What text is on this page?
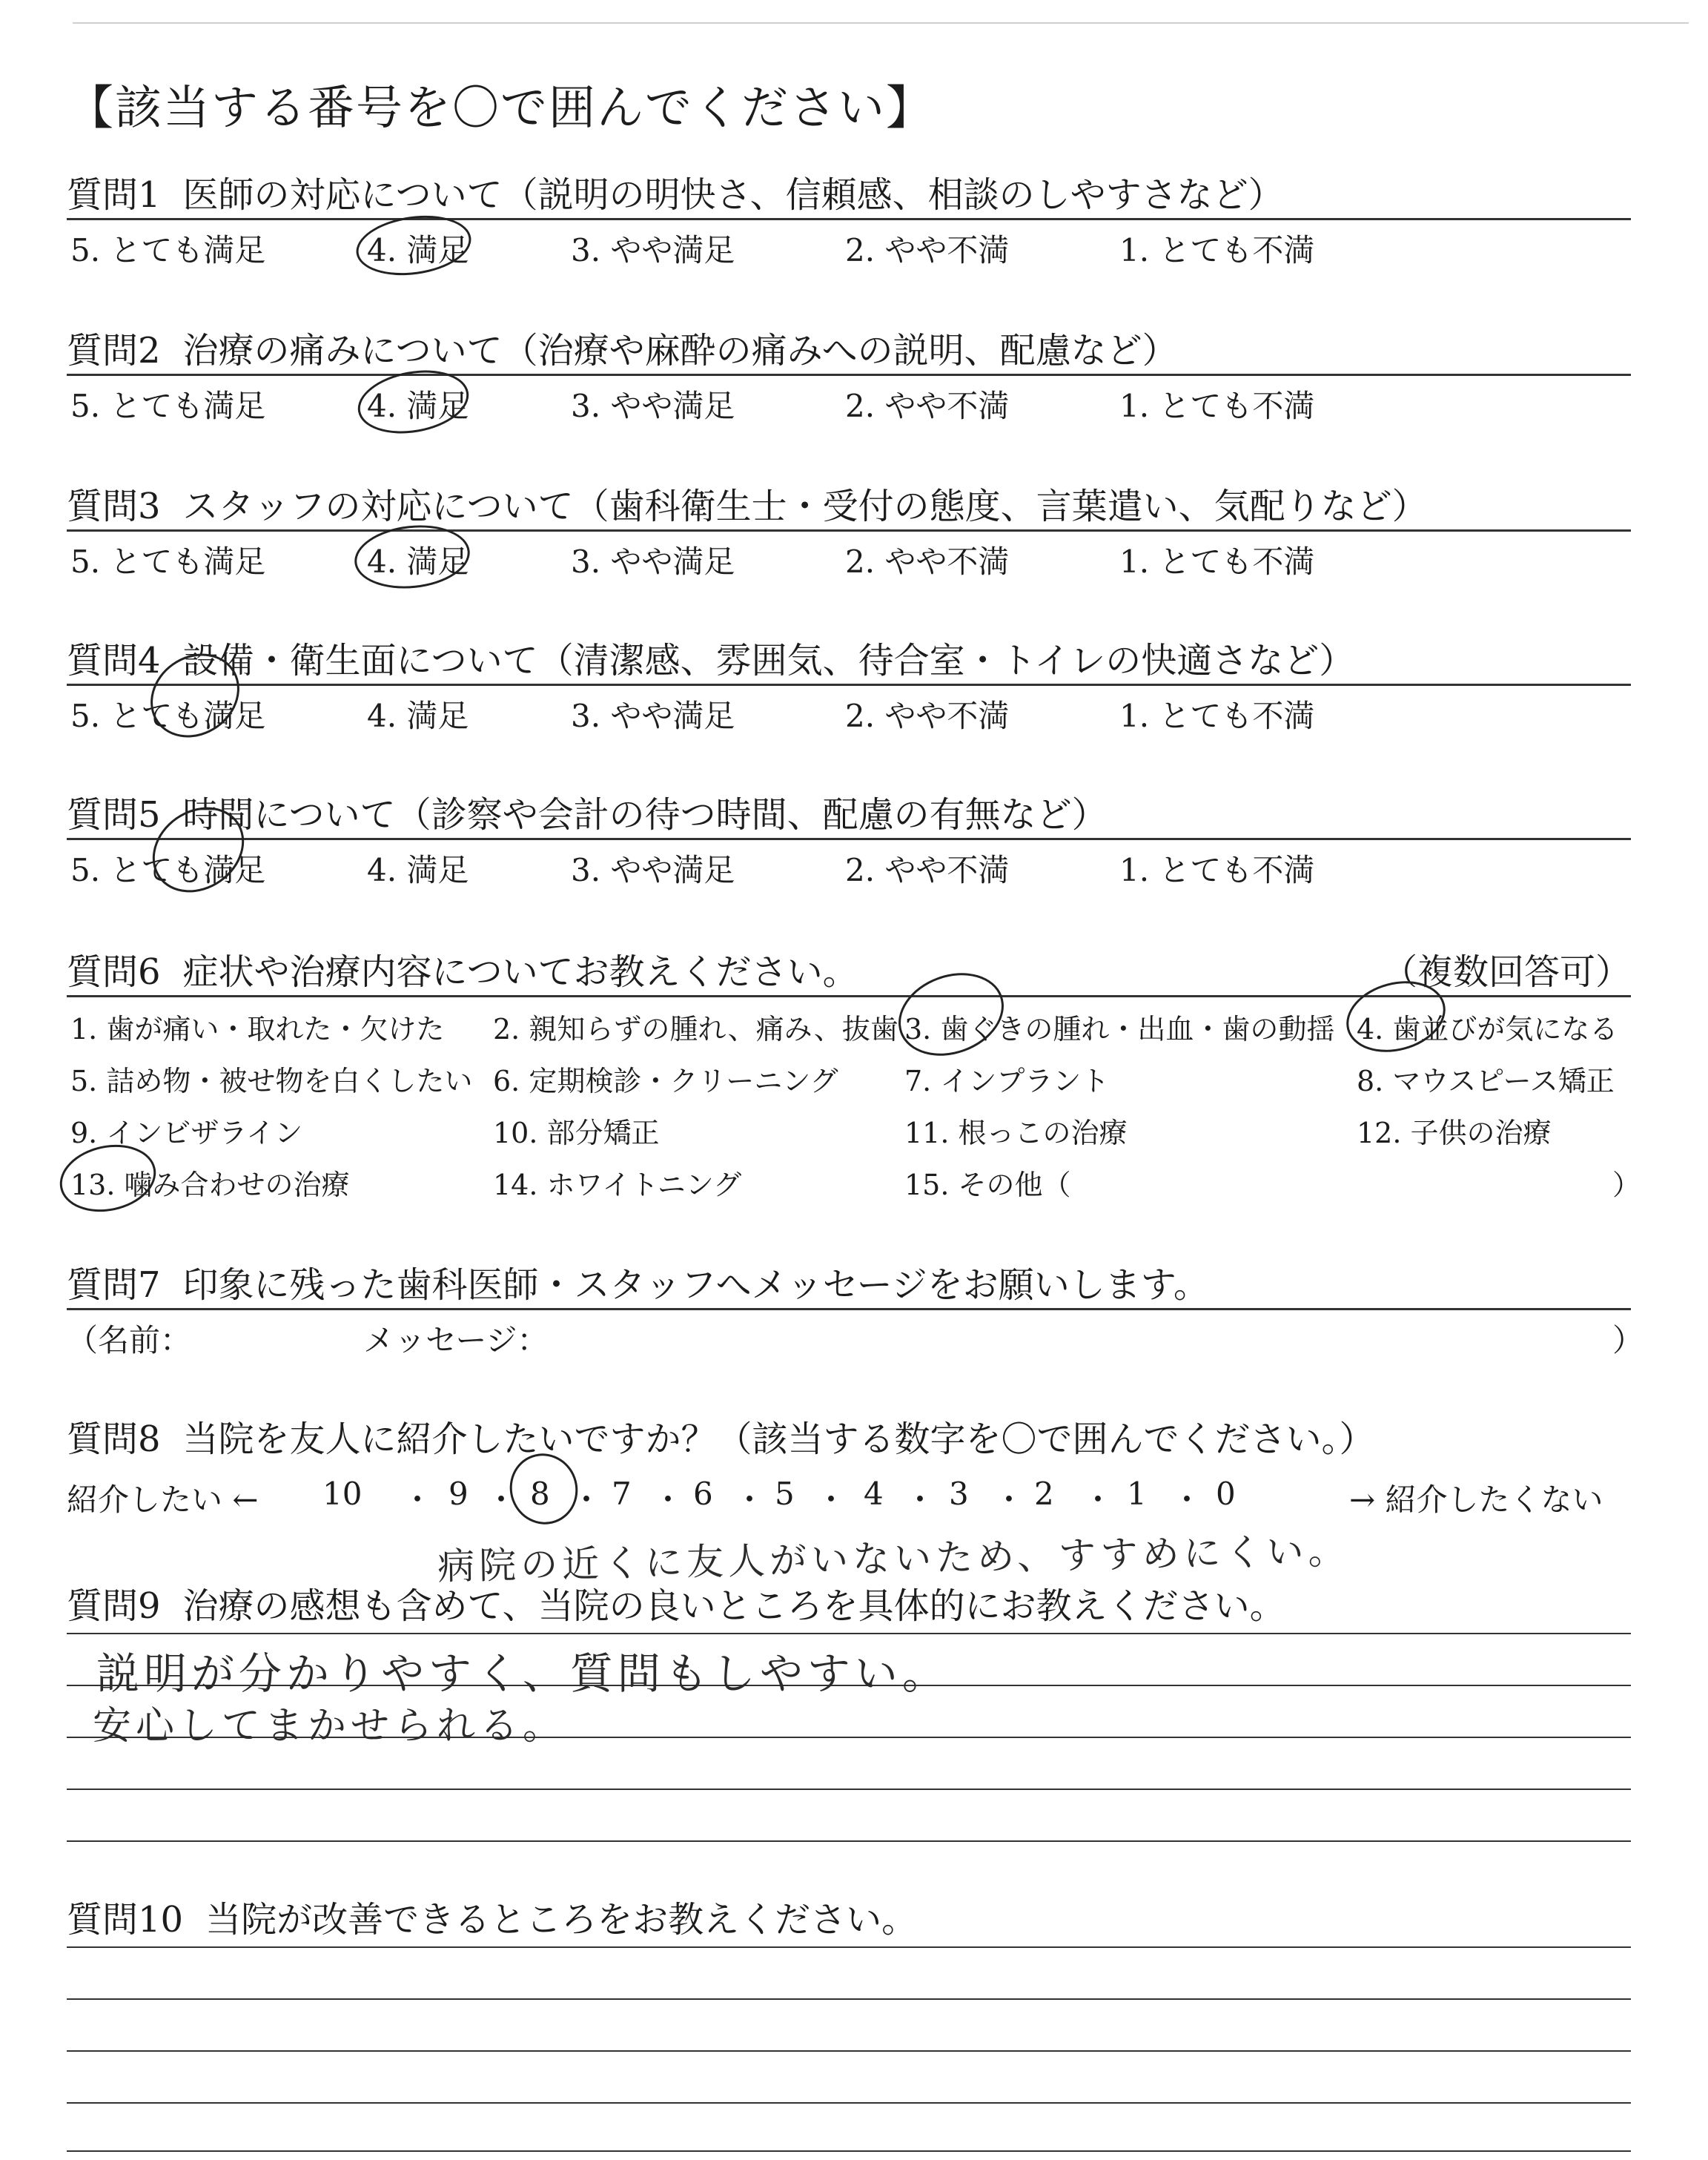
【該当する番号を〇で囲んでください】
質問1 医師の対応について（説明の明快さ、信頼感、相談のしやすさなど）
5. とても満足	4. 満足	3. やや満足	2. やや不満	1. とても不満
質問2 治療の痛みについて（治療や麻酔の痛みへの説明、配慮など）
5. とても満足	4. 満足	3. やや満足	2. やや不満	1. とても不満
質問3 スタッフの対応について（歯科衛生士・受付の態度、言葉遣い、気配りなど）
5. とても満足	4. 満足	3. やや満足	2. やや不満	1. とても不満
質問4 設備・衛生面について（清潔感、雰囲気、待合室・トイレの快適さなど）
5. とても満足	4. 満足	3. やや満足	2. やや不満	1. とても不満
質問5 時間について（診察や会計の待つ時間、配慮の有無など）
5. とても満足	4. 満足	3. やや満足	2. やや不満	1. とても不満
質問6 症状や治療内容についてお教えください。	（複数回答可）
1. 歯が痛い・取れた・欠けた 2. 親知らずの腫れ、痛み、抜歯 3. 歯ぐきの腫れ・出血・歯の動揺 4. 歯並びが気になる
5. 詰め物・被せ物を白くしたい 6. 定期検診・クリーニング 7. インプラント	8. マウスピース矯正
9. インビザライン	10. 部分矯正	11. 根っこの治療	12. 子供の治療
13. 噛み合わせの治療	14. ホワイトニング	15. その他（	）
質問7 印象に残った歯科医師・スタッフへメッセージをお願いします。
（名前：	メッセージ：	）
質問8 当院を友人に紹介したいですか？（該当する数字を〇で囲んでください。）
紹介したい ← 10 ・ 9 ・ 8 ・ 7 ・ 6 ・ 5 ・ 4 ・ 3 ・ 2 ・ 1 ・ 0	→ 紹介したくない
病院の近くに友人がいないため、すすめにくい。
質問9 治療の感想も含めて、当院の良いところを具体的にお教えください。
説明が分かりやすく、質問もしやすい。
安心してまかせられる。
質問10 当院が改善できるところをお教えください。
